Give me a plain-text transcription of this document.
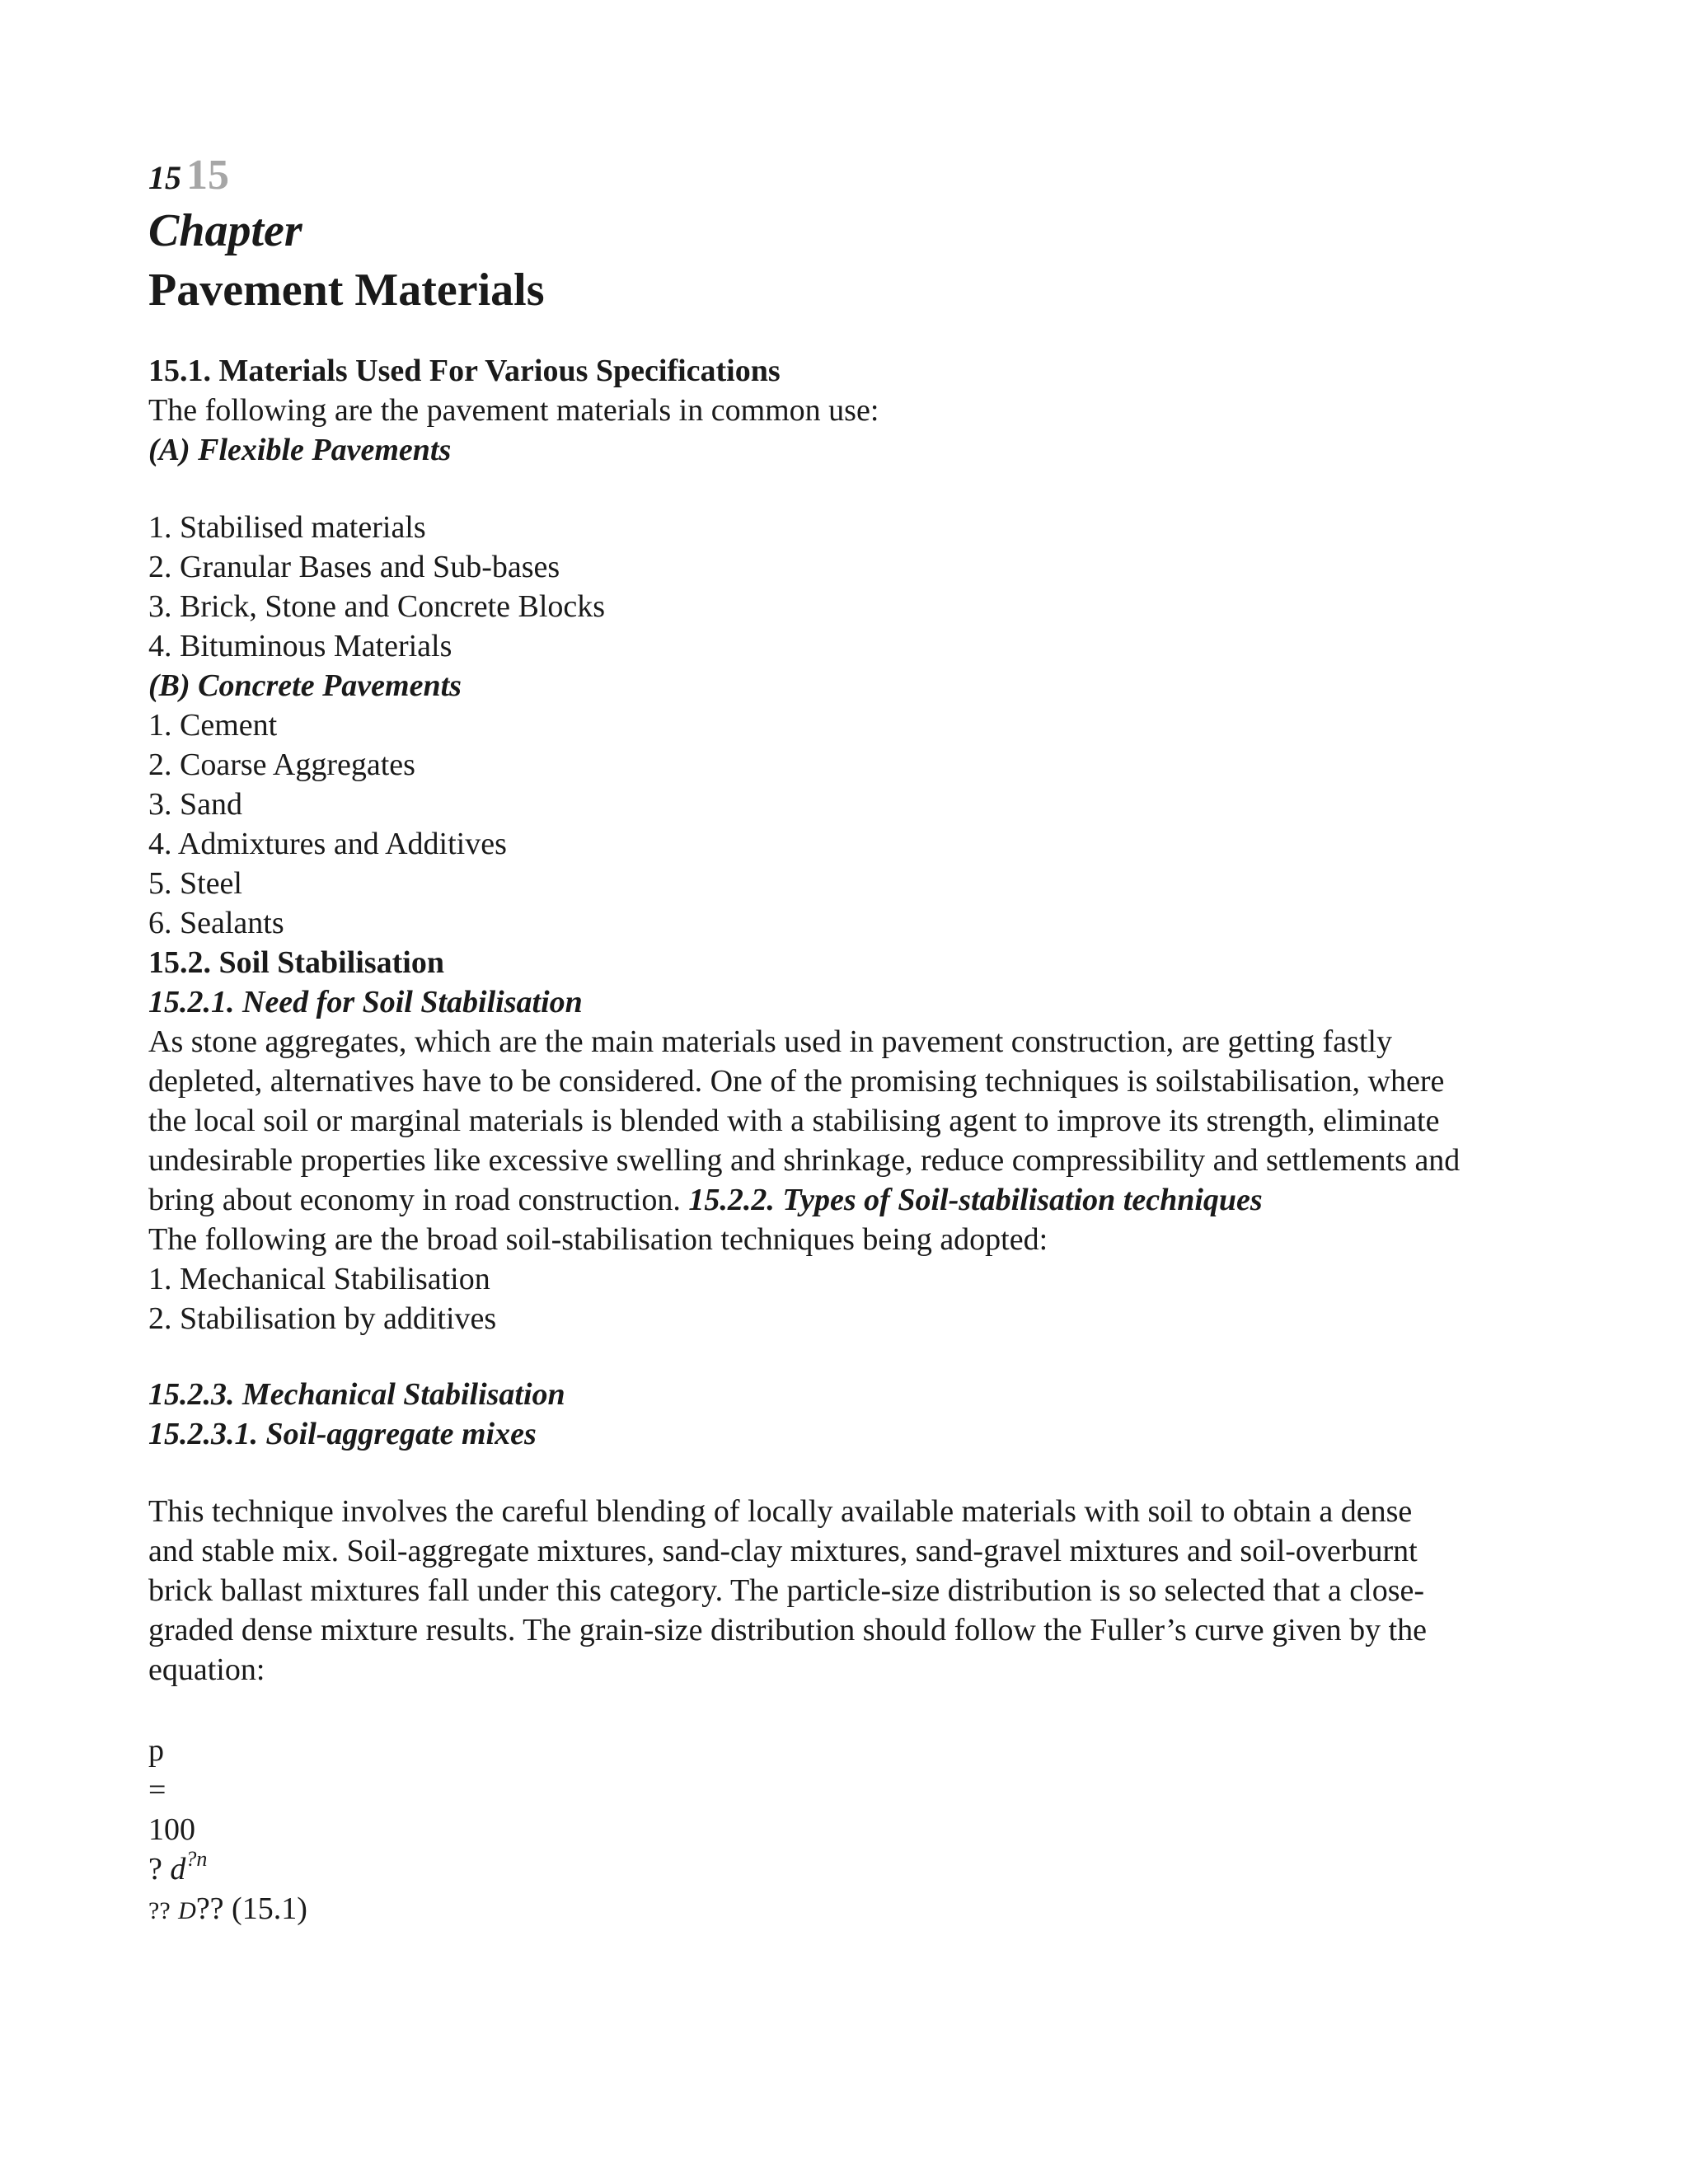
15 15
Chapter
Pavement Materials
15.1. Materials Used For Various Specifications
The following are the pavement materials in common use:
(A) Flexible Pavements
1. Stabilised materials
2. Granular Bases and Sub-bases
3. Brick, Stone and Concrete Blocks
4. Bituminous Materials
(B) Concrete Pavements
1. Cement
2. Coarse Aggregates
3. Sand
4. Admixtures and Additives
5. Steel
6. Sealants
15.2. Soil Stabilisation
15.2.1. Need for Soil Stabilisation
As stone aggregates, which are the main materials used in pavement construction, are getting fastly
depleted, alternatives have to be considered. One of the promising techniques is soilstabilisation, where
the local soil or marginal materials is blended with a stabilising agent to improve its strength, eliminate
undesirable properties like excessive swelling and shrinkage, reduce compressibility and settlements and
bring about economy in road construction. 15.2.2. Types of Soil-stabilisation techniques
The following are the broad soil-stabilisation techniques being adopted:
1. Mechanical Stabilisation
2. Stabilisation by additives
15.2.3. Mechanical Stabilisation
15.2.3.1. Soil-aggregate mixes
This technique involves the careful blending of locally available materials with soil to obtain a dense
and stable mix. Soil-aggregate mixtures, sand-clay mixtures, sand-gravel mixtures and soil-overburnt
brick ballast mixtures fall under this category. The particle-size distribution is so selected that a close-
graded dense mixture results. The grain-size distribution should follow the Fuller’s curve given by the
equation:
p
=
100
? $d^{?n}$
?? D?? (15.1)
